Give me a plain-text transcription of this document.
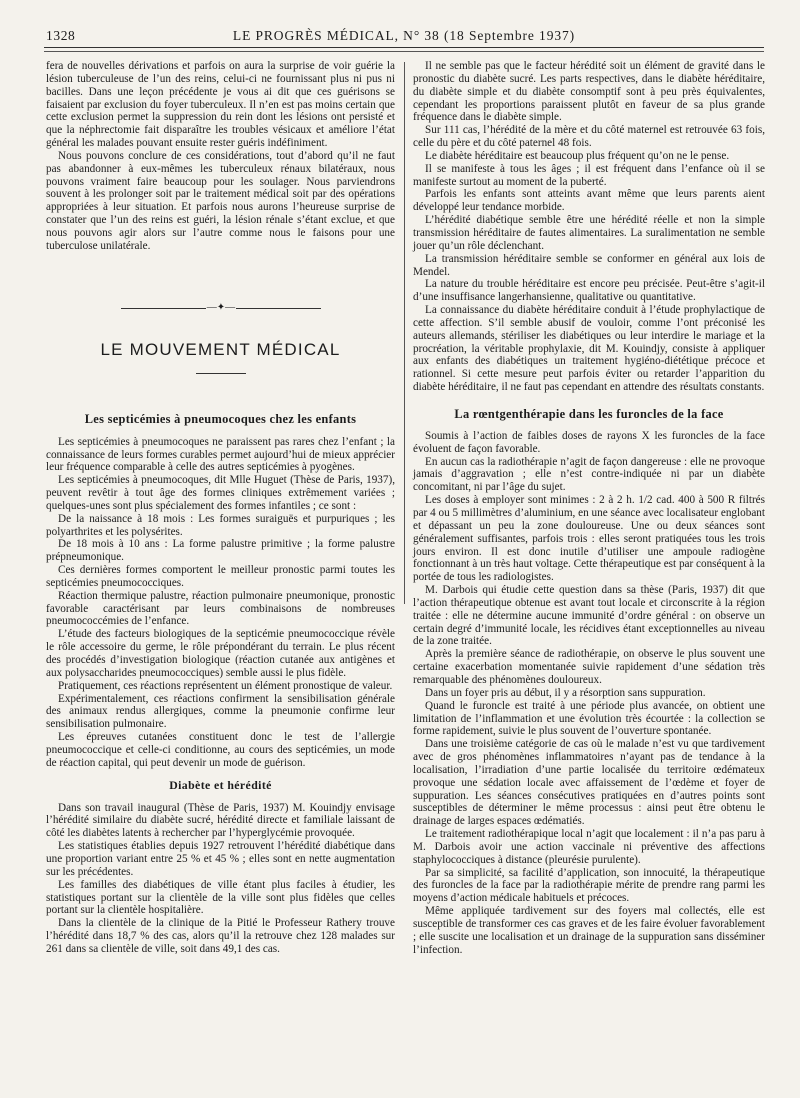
1328	LE PROGRÈS MÉDICAL, N° 38 (18 Septembre 1937)

fera de nouvelles dérivations et parfois on aura la surprise de voir guérie la lésion tuberculeuse de l’un des reins, celui-ci ne fournissant plus ni pus ni bacilles. Dans une leçon précédente je vous ai dit que ces guérisons se faisaient par exclusion du foyer tuberculeux. Il n’en est pas moins certain que cette exclusion permet la suppression du rein dont les lésions ont persisté et que la néphrectomie fait disparaître les troubles vésicaux et améliore l’état général les malades pouvant ensuite rester guéris indéfiniment.

Nous pouvons conclure de ces considérations, tout d’abord qu’il ne faut pas abandonner à eux-mêmes les tuberculeux rénaux bilatéraux, nous pouvons vraiment faire beaucoup pour les soulager. Nous parviendrons souvent à les prolonger soit par le traitement médical soit par des opérations appropriées à leur situation. Et parfois nous aurons l’heureuse surprise de constater que l’un des reins est guéri, la lésion rénale s’étant exclue, et que nous pouvons agir alors sur l’autre comme nous le faisons pour une tuberculose unilatérale.

—✦—
LE MOUVEMENT MÉDICAL
Les septicémies à pneumocoques chez les enfants

Les septicémies à pneumocoques ne paraissent pas rares chez l’enfant ; la connaissance de leurs formes curables permet aujourd’hui de mieux apprécier leur fréquence comparable à celle des autres septicémies à pyogènes.

Les septicémies à pneumocoques, dit Mlle Huguet (Thèse de Paris, 1937), peuvent revêtir à tout âge des formes cliniques extrêmement variées ; quelques-unes sont plus spécialement des formes infantiles ; ce sont :

De la naissance à 18 mois : Les formes suraiguës et purpuriques ; les polyarthrites et les polysérites.

De 18 mois à 10 ans : La forme palustre primitive ; la forme palustre prépneumonique.

Ces dernières formes comportent le meilleur pronostic parmi toutes les septicémies pneumococciques.

Réaction thermique palustre, réaction pulmonaire pneumonique, pronostic favorable caractérisant par leurs combinaisons de nombreuses pneumococcémies de l’enfance.

L’étude des facteurs biologiques de la septicémie pneumococcique révèle le rôle accessoire du germe, le rôle prépondérant du terrain. Le plus récent des procédés d’investigation biologique (réaction cutanée aux antigènes et aux polysaccharides pneumococciques) semble aussi le plus fidèle.

Pratiquement, ces réactions représentent un élément pronostique de valeur.

Expérimentalement, ces réactions confirment la sensibilisation générale des animaux rendus allergiques, comme la pneumonie confirme leur sensibilisation pulmonaire.

Les épreuves cutanées constituent donc le test de l’allergie pneumococcique et celle-ci conditionne, au cours des septicémies, un mode de réaction capital, qui peut devenir un mode de guérison.

Diabète et hérédité

Dans son travail inaugural (Thèse de Paris, 1937) M. Kouindjy envisage l’hérédité similaire du diabète sucré, hérédité directe et familiale laissant de côté les diabètes latents à rechercher par l’hyperglycémie provoquée.

Les statistiques établies depuis 1927 retrouvent l’hérédité diabétique dans une proportion variant entre 25 % et 45 % ; elles sont en nette augmentation sur les précédentes.

Les familles des diabétiques de ville étant plus faciles à étudier, les statistiques portant sur la clientèle de la ville sont plus fidèles que celles portant sur la clientèle hospitalière.

Dans la clientèle de la clinique de la Pitié le Professeur Rathery trouve l’hérédité dans 18,7 % des cas, alors qu’il la retrouve chez 128 malades sur 261 dans sa clientèle de ville, soit dans 49,1 des cas.

Il ne semble pas que le facteur hérédité soit un élément de gravité dans le pronostic du diabète sucré. Les parts respectives, dans le diabète héréditaire, du diabète simple et du diabète consomptif sont à peu près équivalentes, cependant les proportions paraissent plutôt en faveur de sa plus grande fréquence dans le diabète simple.

Sur 111 cas, l’hérédité de la mère et du côté maternel est retrouvée 63 fois, celle du père et du côté paternel 48 fois.

Le diabète héréditaire est beaucoup plus fréquent qu’on ne le pense.

Il se manifeste à tous les âges ; il est fréquent dans l’enfance où il se manifeste surtout au moment de la puberté.

Parfois les enfants sont atteints avant même que leurs parents aient développé leur tendance morbide.

L’hérédité diabétique semble être une hérédité réelle et non la simple transmission héréditaire de fautes alimentaires. La suralimentation ne semble jouer qu’un rôle déclenchant.

La transmission héréditaire semble se conformer en général aux lois de Mendel.

La nature du trouble héréditaire est encore peu précisée. Peut-être s’agit-il d’une insuffisance langerhansienne, qualitative ou quantitative.

La connaissance du diabète héréditaire conduit à l’étude prophylactique de cette affection. S’il semble abusif de vouloir, comme l’ont préconisé les auteurs allemands, stériliser les diabétiques ou leur interdire le mariage et la procréation, la véritable prophylaxie, dit M. Kouindjy, consiste à appliquer aux enfants des diabétiques un traitement hygiéno-diététique précoce et rationnel. Si cette mesure peut parfois éviter ou retarder l’apparition du diabète héréditaire, il ne faut pas cependant en attendre des résultats constants.

La rœntgenthérapie dans les furoncles de la face

Soumis à l’action de faibles doses de rayons X les furoncles de la face évoluent de façon favorable.

En aucun cas la radiothérapie n’agit de façon dangereuse : elle ne provoque jamais d’aggravation ; elle n’est contre-indiquée ni par un diabète concomitant, ni par l’âge du sujet.

Les doses à employer sont minimes : 2 à 2 h. 1/2 cad. 400 à 500 R filtrés par 4 ou 5 millimètres d’aluminium, en une séance avec localisateur englobant et dépassant un peu la zone douloureuse. Une ou deux séances sont généralement suffisantes, parfois trois : elles seront pratiquées tous les trois jours environ. Il est donc inutile d’utiliser une ampoule radiogène fonctionnant à un très haut voltage. Cette thérapeutique est par conséquent à la portée de tous les radiologistes.

M. Darbois qui étudie cette question dans sa thèse (Paris, 1937) dit que l’action thérapeutique obtenue est avant tout locale et circonscrite à la région traitée : elle ne détermine aucune immunité d’ordre général : on observe un certain degré d’immunité locale, les récidives étant exceptionnelles au niveau de la zone traitée.

Après la première séance de radiothérapie, on observe le plus souvent une certaine exacerbation momentanée suivie rapidement d’une sédation très remarquable des phénomènes douloureux.

Dans un foyer pris au début, il y a résorption sans suppuration.

Quand le furoncle est traité à une période plus avancée, on obtient une limitation de l’inflammation et une évolution très écourtée : la collection se forme rapidement, suivie le plus souvent de l’ouverture spontanée.

Dans une troisième catégorie de cas où le malade n’est vu que tardivement avec de gros phénomènes inflammatoires n’ayant pas de tendance à la localisation, l’irradiation d’une partie localisée du territoire œdémateux provoque une sédation locale avec affaissement de l’œdème et foyer de suppuration. Les séances consécutives pratiquées en d’autres points sont susceptibles de déterminer le même processus : ainsi peut être obtenu le drainage de larges espaces œdématiés.

Le traitement radiothérapique local n’agit que localement : il n’a pas paru à M. Darbois avoir une action vaccinale ni préventive des affections staphylococciques à distance (pleurésie purulente).

Par sa simplicité, sa facilité d’application, son innocuité, la thérapeutique des furoncles de la face par la radiothérapie mérite de prendre rang parmi les moyens d’action médicale habituels et précoces.

Même appliquée tardivement sur des foyers mal collectés, elle est susceptible de transformer ces cas graves et de les faire évoluer favorablement ; elle suscite une localisation et un drainage de la suppuration sans disséminer l’infection.
